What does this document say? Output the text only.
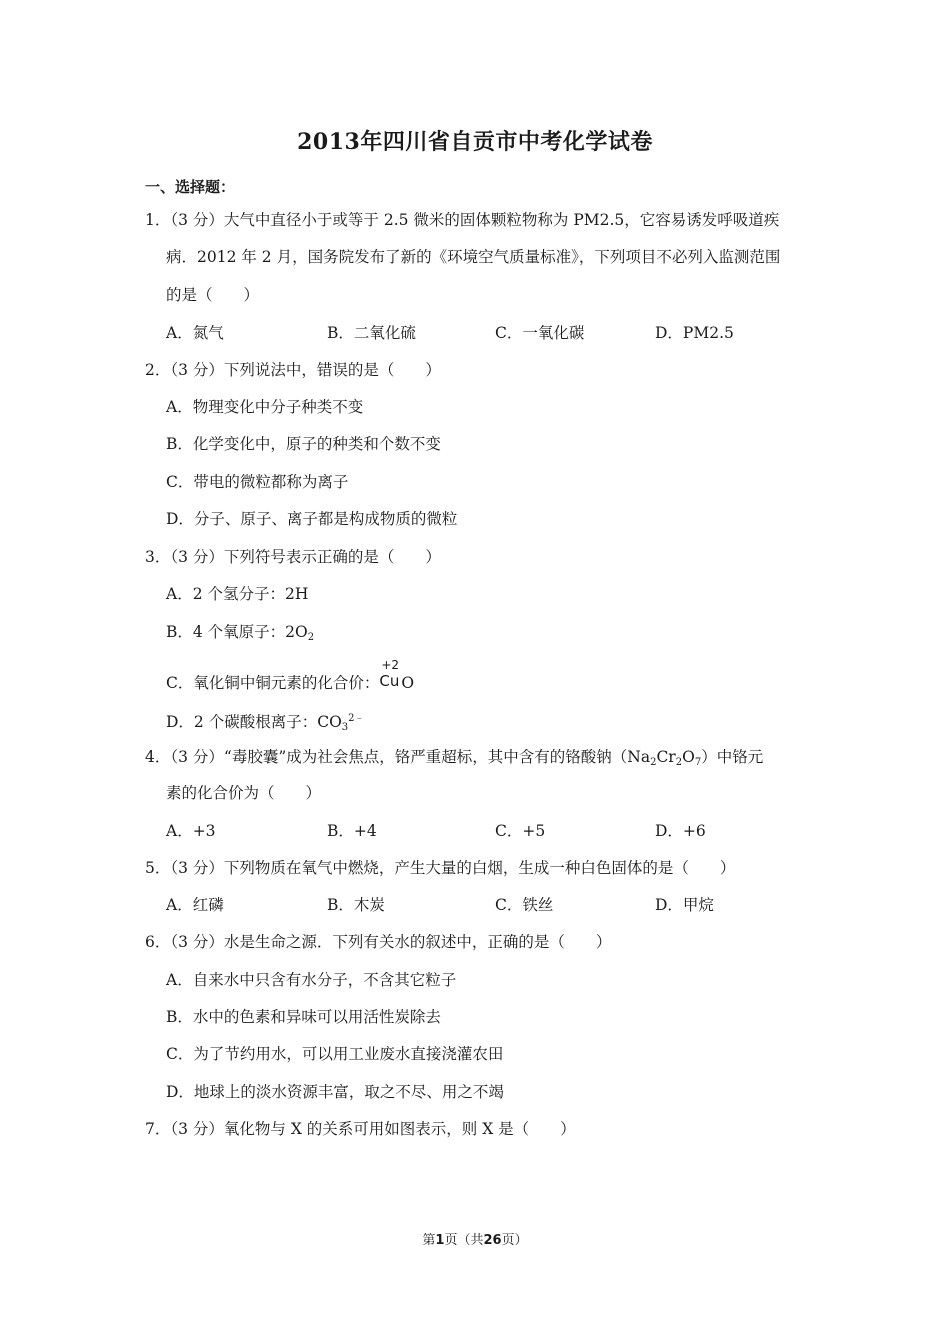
2013年四川省自贡市中考化学试卷
一、选择题：
1．（3 分）大气中直径小于或等于 2.5 微米的固体颗粒物称为 PM2.5，它容易诱发呼吸道疾
病．2012 年 2 月，国务院发布了新的《环境空气质量标准》，下列项目不必列入监测范围
的是（　　）
A．氮气	B．二氧化硫	C．一氧化碳	D．PM2.5
2．（3 分）下列说法中，错误的是（　　）
A．物理变化中分子种类不变
B．化学变化中，原子的种类和个数不变
C．带电的微粒都称为离子
D．分子、原子、离子都是构成物质的微粒
3．（3 分）下列符号表示正确的是（　　）
A．2 个氢分子：2H
B．4 个氧原子：$2O_2$
C．氧化铜中铜元素的化合价：
+2
Cu O
D．2 个碳酸根离子：$CO_3^{2﹣}$
4．（3 分）“毒胶囊”成为社会焦点，铬严重超标，其中含有的铬酸钠$(Na_2Cr_2O_7)$中铬元
素的化合价为（　　）
A．+3	B．+4	C．+5	D．+6
5．（3 分）下列物质在氧气中燃烧，产生大量的白烟，生成一种白色固体的是（　　）
A．红磷	B．木炭	C．铁丝	D．甲烷
6．（3 分）水是生命之源．下列有关水的叙述中，正确的是（　　）
A．自来水中只含有水分子，不含其它粒子
B．水中的色素和异味可以用活性炭除去
C．为了节约用水，可以用工业废水直接浇灌农田
D．地球上的淡水资源丰富，取之不尽、用之不竭
7．（3 分）氧化物与 X 的关系可用如图表示，则 X 是（　　）
第1页（共26页）
